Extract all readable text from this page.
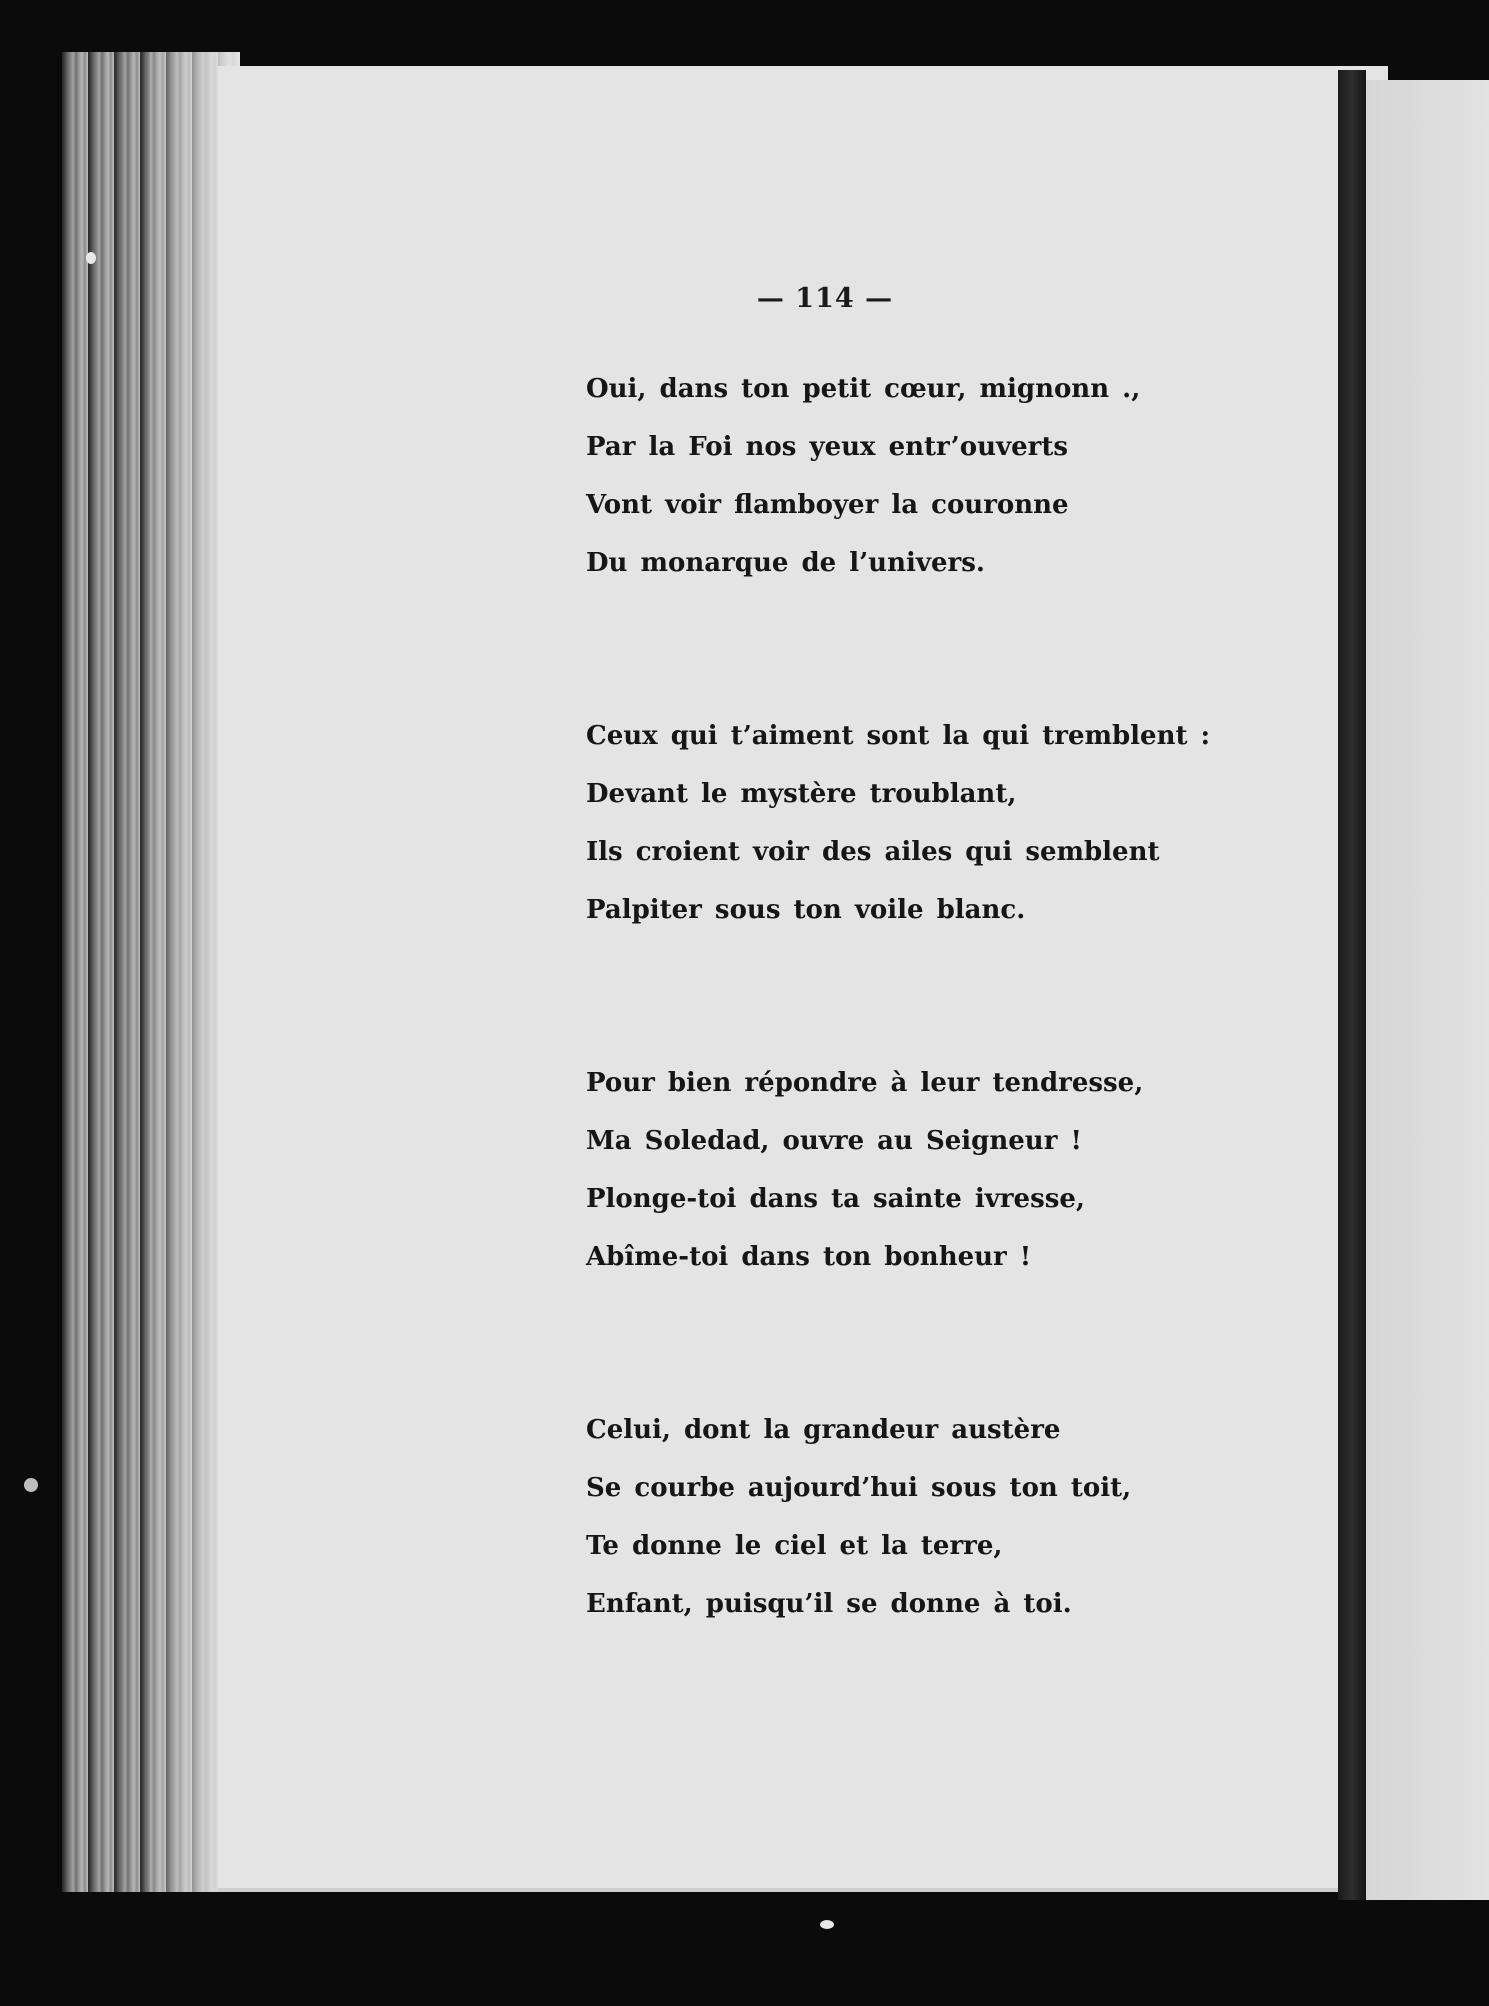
— 114 —
Oui, dans ton petit cœur, mignonn .,
Par la Foi nos yeux entr’ouverts
Vont voir flamboyer la couronne
Du monarque de l’univers.
Ceux qui t’aiment sont la qui tremblent :
Devant le mystère troublant,
Ils croient voir des ailes qui semblent
Palpiter sous ton voile blanc.
Pour bien répondre à leur tendresse,
Ma Soledad, ouvre au Seigneur !
Plonge-toi dans ta sainte ivresse,
Abîme-toi dans ton bonheur !
Celui, dont la grandeur austère
Se courbe aujourd’hui sous ton toit,
Te donne le ciel et la terre,
Enfant, puisqu’il se donne à toi.
